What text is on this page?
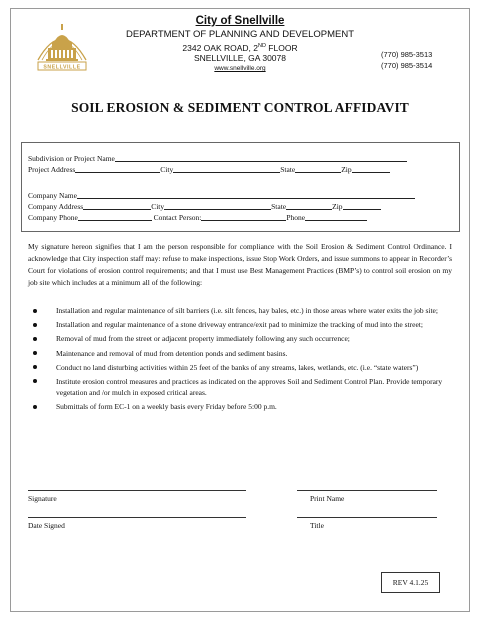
SNELLVILLE
City of Snellville
DEPARTMENT OF PLANNING AND DEVELOPMENT
2342 OAK ROAD, 2ND FLOOR
SNELLVILLE, GA 30078
www.snellville.org
(770) 985-3513
(770) 985-3514
SOIL EROSION & SEDIMENT CONTROL AFFIDAVIT
Subdivision or Project Name
Project Address	City	State	Zip
Company Name
Company Address	City	State	Zip
Company Phone	Contact Person:	Phone
My signature hereon signifies that I am the person responsible for compliance with the Soil Erosion & Sediment Control Ordinance. I acknowledge that City inspection staff may: refuse to make inspections, issue Stop Work Orders, and issue summons to appear in Recorder’s Court for violations of erosion control requirements; and that I must use Best Management Practices (BMP’s) to control soil erosion on my job site which includes at a minimum all of the following:
Installation and regular maintenance of silt barriers (i.e. silt fences, hay bales, etc.) in those areas where water exits the job site;
Installation and regular maintenance of a stone driveway entrance/exit pad to minimize the tracking of mud into the street;
Removal of mud from the street or adjacent property immediately following any such occurrence;
Maintenance and removal of mud from detention ponds and sediment basins.
Conduct no land disturbing activities within 25 feet of the banks of any streams, lakes, wetlands, etc. (i.e. “state waters”)
Institute erosion control measures and practices as indicated on the approves Soil and Sediment Control Plan. Provide temporary vegetation and /or mulch in exposed critical areas.
Submittals of form EC-1 on a weekly basis every Friday before 5:00 p.m.
Signature	Print Name
Date Signed	Title
REV 4.1.25
